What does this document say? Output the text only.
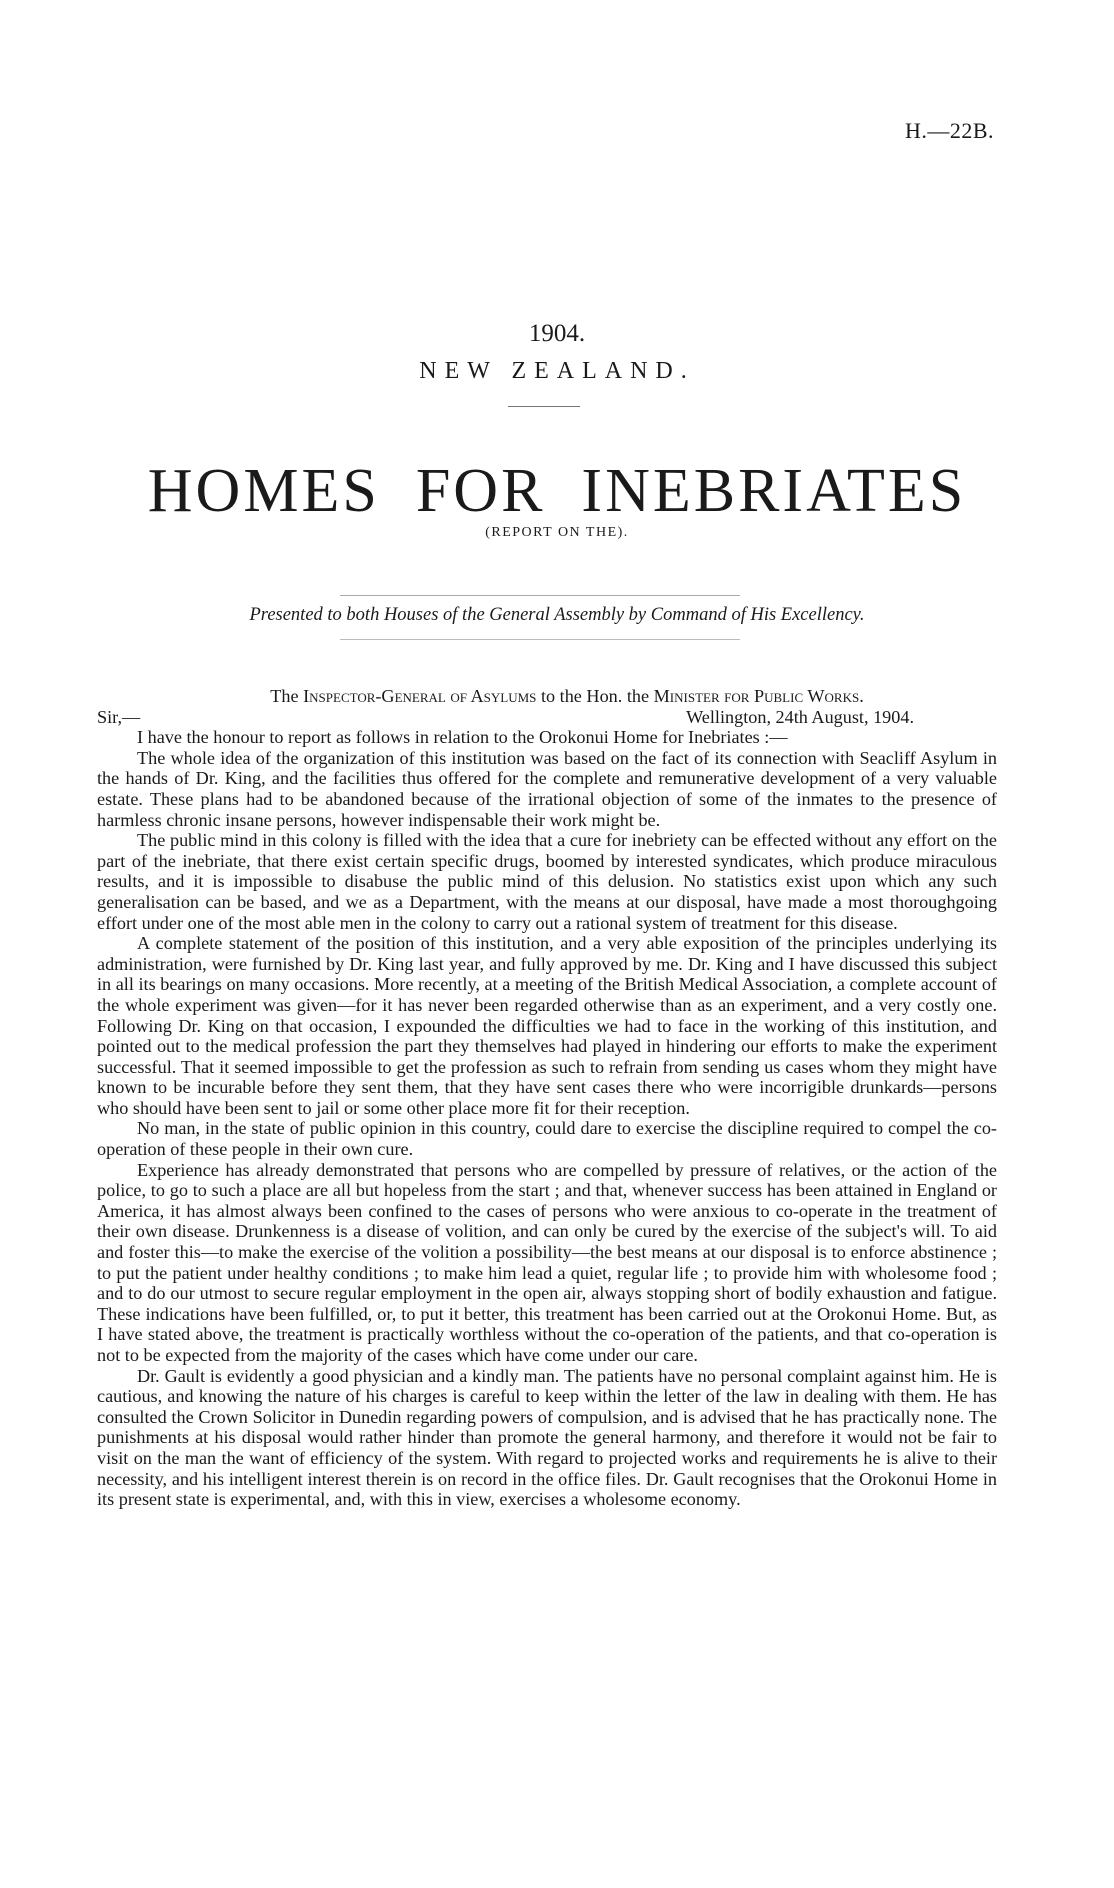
H.—22B.
1904.
NEW ZEALAND.
HOMES FOR INEBRIATES
(REPORT ON THE).
Presented to both Houses of the General Assembly by Command of His Excellency.

The Inspector-General of Asylums to the Hon. the Minister for Public Works.

Sir,—	Wellington, 24th August, 1904.

I have the honour to report as follows in relation to the Orokonui Home for Inebriates :—

The whole idea of the organization of this institution was based on the fact of its connection with Seacliff Asylum in the hands of Dr. King, and the facilities thus offered for the complete and remunerative development of a very valuable estate. These plans had to be abandoned because of the irrational objection of some of the inmates to the presence of harmless chronic insane persons, however indispensable their work might be.

The public mind in this colony is filled with the idea that a cure for inebriety can be effected without any effort on the part of the inebriate, that there exist certain specific drugs, boomed by interested syndicates, which produce miraculous results, and it is impossible to disabuse the public mind of this delusion. No statistics exist upon which any such generalisation can be based, and we as a Department, with the means at our disposal, have made a most thoroughgoing effort under one of the most able men in the colony to carry out a rational system of treatment for this disease.

A complete statement of the position of this institution, and a very able exposition of the principles underlying its administration, were furnished by Dr. King last year, and fully approved by me. Dr. King and I have discussed this subject in all its bearings on many occasions. More recently, at a meeting of the British Medical Association, a complete account of the whole experiment was given—for it has never been regarded otherwise than as an experiment, and a very costly one. Following Dr. King on that occasion, I expounded the difficulties we had to face in the working of this institution, and pointed out to the medical profession the part they themselves had played in hindering our efforts to make the experiment successful. That it seemed impossible to get the profession as such to refrain from sending us cases whom they might have known to be incurable before they sent them, that they have sent cases there who were incorrigible drunkards—persons who should have been sent to jail or some other place more fit for their reception.

No man, in the state of public opinion in this country, could dare to exercise the discipline required to compel the co-operation of these people in their own cure.

Experience has already demonstrated that persons who are compelled by pressure of relatives, or the action of the police, to go to such a place are all but hopeless from the start ; and that, whenever success has been attained in England or America, it has almost always been confined to the cases of persons who were anxious to co-operate in the treatment of their own disease. Drunkenness is a disease of volition, and can only be cured by the exercise of the subject's will. To aid and foster this—to make the exercise of the volition a possibility—the best means at our disposal is to enforce abstinence ; to put the patient under healthy conditions ; to make him lead a quiet, regular life ; to provide him with wholesome food ; and to do our utmost to secure regular employment in the open air, always stopping short of bodily exhaustion and fatigue. These indications have been fulfilled, or, to put it better, this treatment has been carried out at the Orokonui Home. But, as I have stated above, the treatment is practically worthless without the co-operation of the patients, and that co-operation is not to be expected from the majority of the cases which have come under our care.

Dr. Gault is evidently a good physician and a kindly man. The patients have no personal complaint against him. He is cautious, and knowing the nature of his charges is careful to keep within the letter of the law in dealing with them. He has consulted the Crown Solicitor in Dunedin regarding powers of compulsion, and is advised that he has practically none. The punishments at his disposal would rather hinder than promote the general harmony, and therefore it would not be fair to visit on the man the want of efficiency of the system. With regard to projected works and requirements he is alive to their necessity, and his intelligent interest therein is on record in the office files. Dr. Gault recognises that the Orokonui Home in its present state is experimental, and, with this in view, exercises a wholesome economy.
